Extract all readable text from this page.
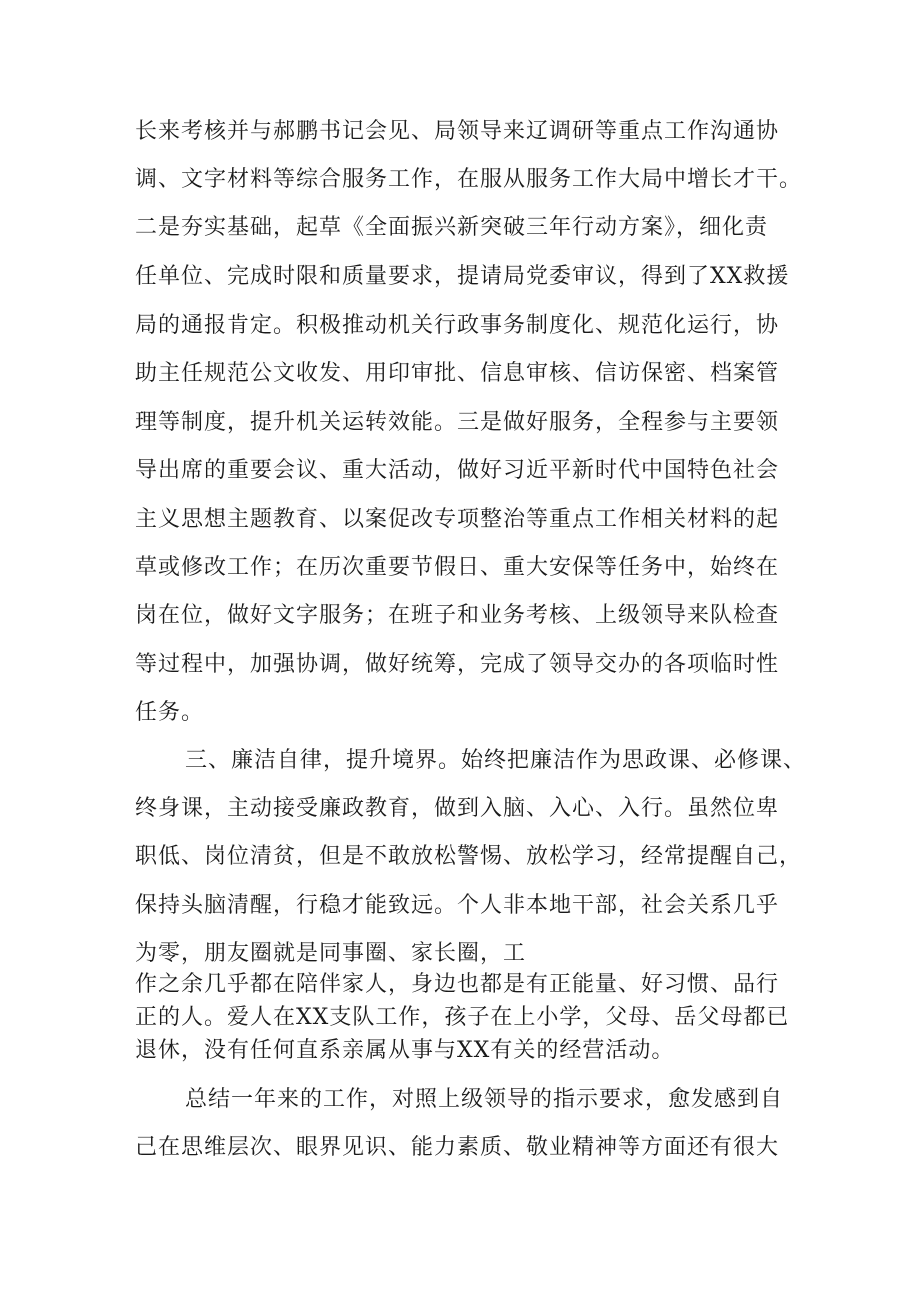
长来考核并与郝鹏书记会见、局领导来辽调研等重点工作沟通协
调、文字材料等综合服务工作，在服从服务工作大局中增长才干。
二是夯实基础，起草《全面振兴新突破三年行动方案》，细化责
任单位、完成时限和质量要求，提请局党委审议，得到了XX救援
局的通报肯定。积极推动机关行政事务制度化、规范化运行，协
助主任规范公文收发、用印审批、信息审核、信访保密、档案管
理等制度，提升机关运转效能。三是做好服务，全程参与主要领
导出席的重要会议、重大活动，做好习近平新时代中国特色社会
主义思想主题教育、以案促改专项整治等重点工作相关材料的起
草或修改工作；在历次重要节假日、重大安保等任务中，始终在
岗在位，做好文字服务；在班子和业务考核、上级领导来队检查
等过程中，加强协调，做好统筹，完成了领导交办的各项临时性
任务。
三、廉洁自律，提升境界。始终把廉洁作为思政课、必修课、
终身课，主动接受廉政教育，做到入脑、入心、入行。虽然位卑
职低、岗位清贫，但是不敢放松警惕、放松学习，经常提醒自己，
保持头脑清醒，行稳才能致远。个人非本地干部，社会关系几乎
为零，朋友圈就是同事圈、家长圈，工
作之余几乎都在陪伴家人，身边也都是有正能量、好习惯、品行
正的人。爱人在XX支队工作，孩子在上小学，父母、岳父母都已
退休，没有任何直系亲属从事与XX有关的经营活动。
总结一年来的工作，对照上级领导的指示要求，愈发感到自
己在思维层次、眼界见识、能力素质、敬业精神等方面还有很大
